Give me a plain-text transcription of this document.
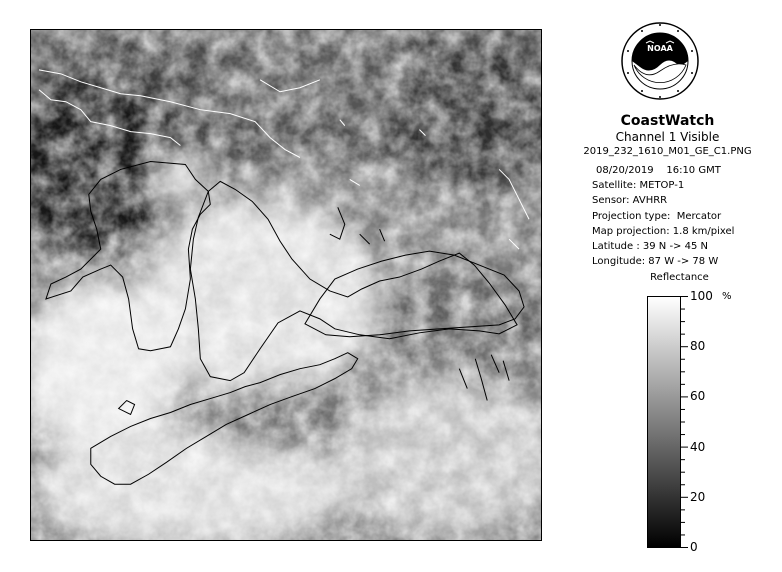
NOAA
CoastWatch
Channel 1 Visible
2019_232_1610_M01_GE_C1.PNG
08/20/2019    16:10 GMT
Satellite: METOP-1
Sensor: AVHRR
Projection type:  Mercator
Map projection: 1.8 km/pixel
Latitude : 39 N -> 45 N
Longitude: 87 W -> 78 W
Reflectance
100
80
60
40
20
0
%
